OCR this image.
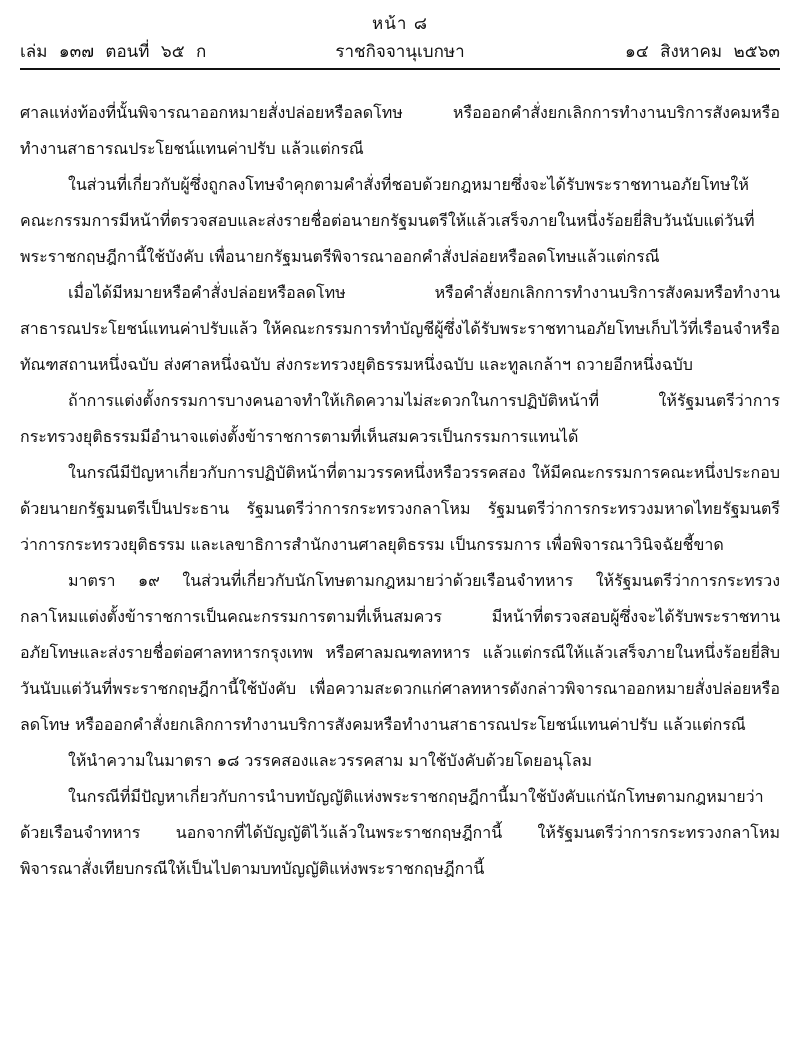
หน้า ๘
ราชกิจจานุเบกษา
เล่ม ๑๓๗ ตอนที่ ๖๕ ก	๑๔ สิงหาคม ๒๕๖๓

ศาลแห่งท้องที่นั้นพิจารณาออกหมายสั่งปล่อยหรือลดโทษ หรือออกคำสั่งยกเลิกการทำงานบริการสังคมหรือทำงานสาธารณประโยชน์แทนค่าปรับ แล้วแต่กรณี

ในส่วนที่เกี่ยวกับผู้ซึ่งถูกลงโทษจำคุกตามคำสั่งที่ชอบด้วยกฎหมายซึ่งจะได้รับพระราชทานอภัยโทษให้คณะกรรมการมีหน้าที่ตรวจสอบและส่งรายชื่อต่อนายกรัฐมนตรีให้แล้วเสร็จภายในหนึ่งร้อยยี่สิบวันนับแต่วันที่พระราชกฤษฎีกานี้ใช้บังคับ เพื่อนายกรัฐมนตรีพิจารณาออกคำสั่งปล่อยหรือลดโทษแล้วแต่กรณี

เมื่อได้มีหมายหรือคำสั่งปล่อยหรือลดโทษ หรือคำสั่งยกเลิกการทำงานบริการสังคมหรือทำงานสาธารณประโยชน์แทนค่าปรับแล้ว ให้คณะกรรมการทำบัญชีผู้ซึ่งได้รับพระราชทานอภัยโทษเก็บไว้ที่เรือนจำหรือทัณฑสถานหนึ่งฉบับ ส่งศาลหนึ่งฉบับ ส่งกระทรวงยุติธรรมหนึ่งฉบับ และทูลเกล้าฯ ถวายอีกหนึ่งฉบับ

ถ้าการแต่งตั้งกรรมการบางคนอาจทำให้เกิดความไม่สะดวกในการปฏิบัติหน้าที่ ให้รัฐมนตรีว่าการกระทรวงยุติธรรมมีอำนาจแต่งตั้งข้าราชการตามที่เห็นสมควรเป็นกรรมการแทนได้

ในกรณีมีปัญหาเกี่ยวกับการปฏิบัติหน้าที่ตามวรรคหนึ่งหรือวรรคสอง ให้มีคณะกรรมการคณะหนึ่งประกอบด้วยนายกรัฐมนตรีเป็นประธาน รัฐมนตรีว่าการกระทรวงกลาโหม รัฐมนตรีว่าการกระทรวงมหาดไทยรัฐมนตรีว่าการกระทรวงยุติธรรม และเลขาธิการสำนักงานศาลยุติธรรม เป็นกรรมการ เพื่อพิจารณาวินิจฉัยชี้ขาด

มาตรา ๑๙ ในส่วนที่เกี่ยวกับนักโทษตามกฎหมายว่าด้วยเรือนจำทหาร ให้รัฐมนตรีว่าการกระทรวงกลาโหมแต่งตั้งข้าราชการเป็นคณะกรรมการตามที่เห็นสมควร มีหน้าที่ตรวจสอบผู้ซึ่งจะได้รับพระราชทานอภัยโทษและส่งรายชื่อต่อศาลทหารกรุงเทพ หรือศาลมณฑลทหาร แล้วแต่กรณีให้แล้วเสร็จภายในหนึ่งร้อยยี่สิบวันนับแต่วันที่พระราชกฤษฎีกานี้ใช้บังคับ เพื่อความสะดวกแก่ศาลทหารดังกล่าวพิจารณาออกหมายสั่งปล่อยหรือลดโทษ หรือออกคำสั่งยกเลิกการทำงานบริการสังคมหรือทำงานสาธารณประโยชน์แทนค่าปรับ แล้วแต่กรณี

ให้นำความในมาตรา ๑๘ วรรคสองและวรรคสาม มาใช้บังคับด้วยโดยอนุโลม

ในกรณีที่มีปัญหาเกี่ยวกับการนำบทบัญญัติแห่งพระราชกฤษฎีกานี้มาใช้บังคับแก่นักโทษตามกฎหมายว่าด้วยเรือนจำทหาร นอกจากที่ได้บัญญัติไว้แล้วในพระราชกฤษฎีกานี้ ให้รัฐมนตรีว่าการกระทรวงกลาโหมพิจารณาสั่งเทียบกรณีให้เป็นไปตามบทบัญญัติแห่งพระราชกฤษฎีกานี้
